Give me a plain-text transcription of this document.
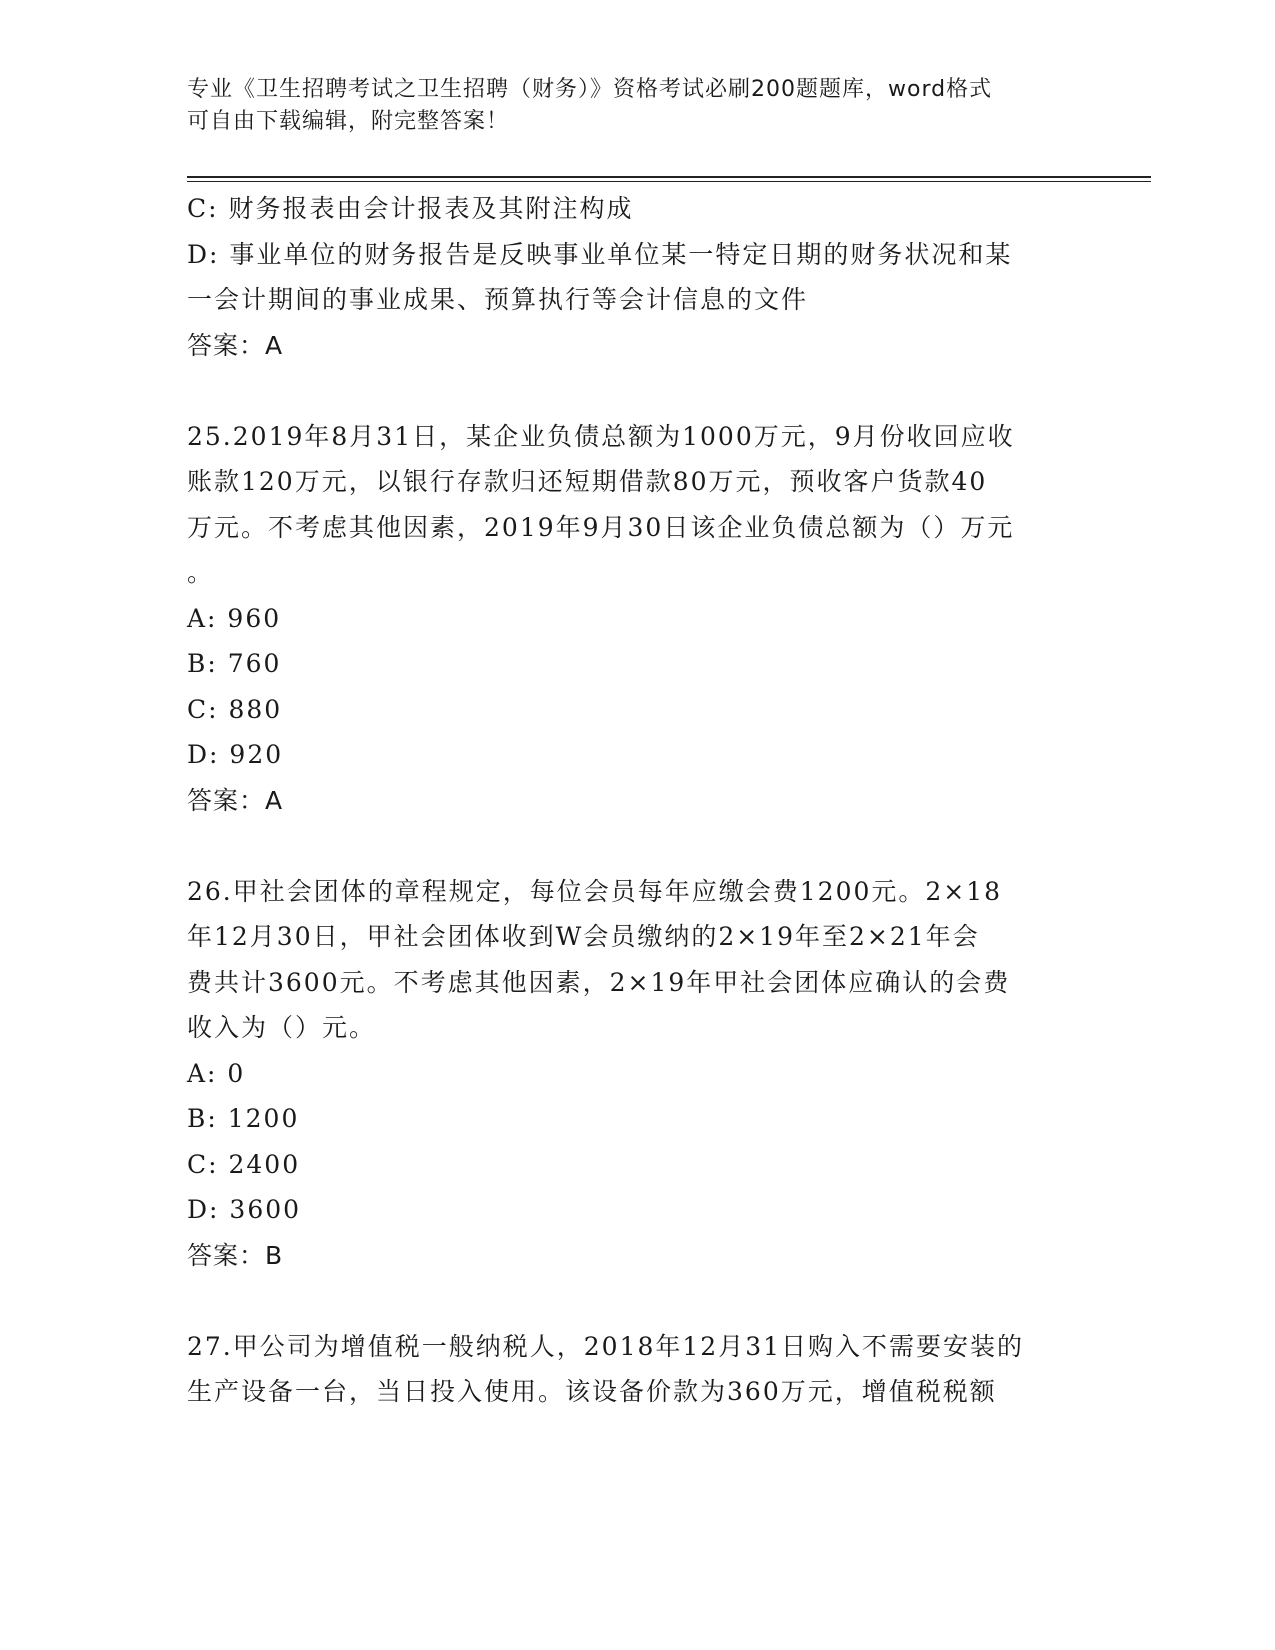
专业《卫生招聘考试之卫生招聘（财务）》资格考试必刷200题题库，word格式
可自由下载编辑，附完整答案！
C: 财务报表由会计报表及其附注构成
D: 事业单位的财务报告是反映事业单位某一特定日期的财务状况和某
一会计期间的事业成果、预算执行等会计信息的文件
答案：A
25.2019年8月31日，某企业负债总额为1000万元，9月份收回应收
账款120万元，以银行存款归还短期借款80万元，预收客户货款40
万元。不考虑其他因素，2019年9月30日该企业负债总额为（）万元
。
A: 960
B: 760
C: 880
D: 920
答案：A
26.甲社会团体的章程规定，每位会员每年应缴会费1200元。2×18
年12月30日，甲社会团体收到W会员缴纳的2×19年至2×21年会
费共计3600元。不考虑其他因素，2×19年甲社会团体应确认的会费
收入为（）元。
A: 0
B: 1200
C: 2400
D: 3600
答案：B
27.甲公司为增值税一般纳税人，2018年12月31日购入不需要安装的
生产设备一台，当日投入使用。该设备价款为360万元，增值税税额
